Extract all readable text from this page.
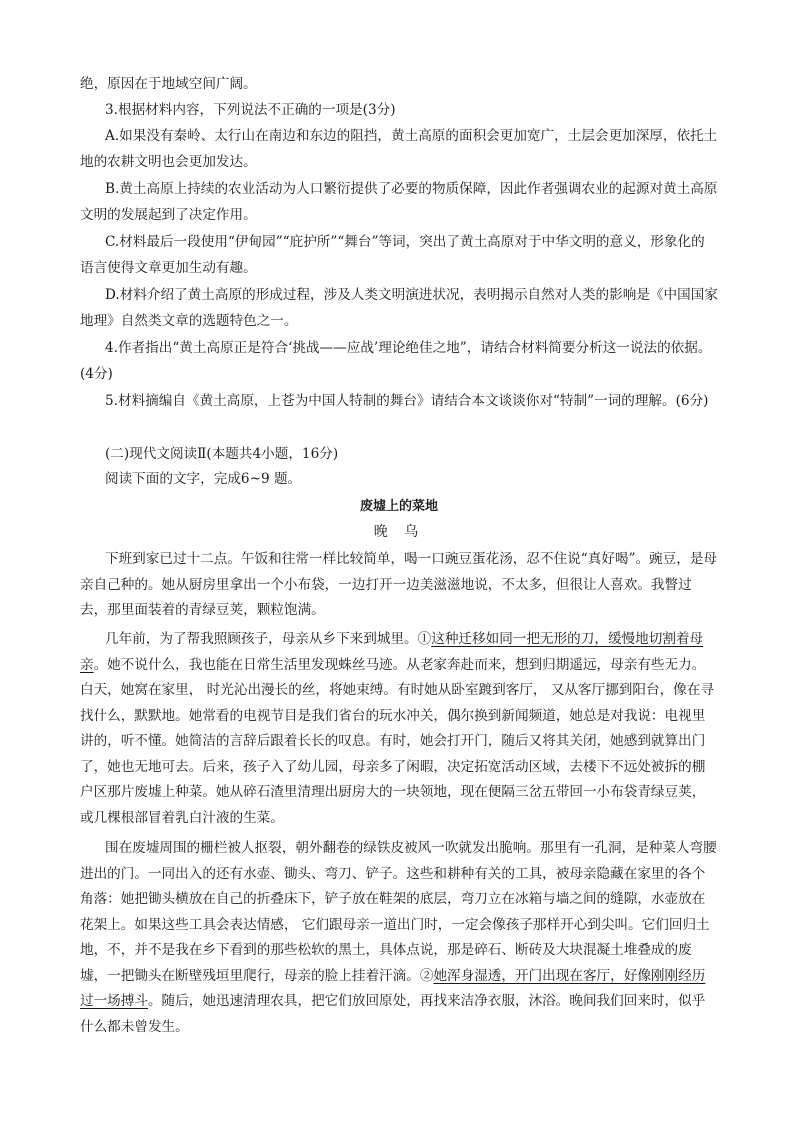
绝，原因在于地域空间广阔。

3.根据材料内容，下列说法不正确的一项是(3分)

A.如果没有秦岭、太行山在南边和东边的阻挡，黄土高原的面积会更加宽广，土层会更加深厚，依托土地的农耕文明也会更加发达。

B.黄土高原上持续的农业活动为人口繁衍提供了必要的物质保障，因此作者强调农业的起源对黄土高原文明的发展起到了决定作用。

C.材料最后一段使用“伊甸园”“庇护所”“舞台”等词，突出了黄土高原对于中华文明的意义，形象化的语言使得文章更加生动有趣。

D.材料介绍了黄土高原的形成过程，涉及人类文明演进状况，表明揭示自然对人类的影响是《中国国家地理》自然类文章的选题特色之一。

4.作者指出“黄土高原正是符合‘挑战——应战’理论绝佳之地”，请结合材料简要分析这一说法的依据。 (4分)

5.材料摘编自《黄土高原，上苍为中国人特制的舞台》请结合本文谈谈你对“特制”一词的理解。(6分)

(二)现代文阅读Ⅱ(本题共4小题，16分)

阅读下面的文字，完成6~9 题。

废墟上的菜地
晚 乌

下班到家已过十二点。午饭和往常一样比较简单，喝一口豌豆蛋花汤，忍不住说“真好喝”。豌豆，是母亲自己种的。她从厨房里拿出一个小布袋，一边打开一边美滋滋地说，不太多，但很让人喜欢。我瞥过去，那里面装着的青绿豆荚，颗粒饱满。

几年前，为了帮我照顾孩子，母亲从乡下来到城里。①这种迁移如同一把无形的刀，缓慢地切割着母亲。她不说什么，我也能在日常生活里发现蛛丝马迹。从老家奔赴而来，想到归期遥远，母亲有些无力。 白天，她窝在家里， 时光沁出漫长的丝，将她束缚。有时她从卧室踱到客厅， 又从客厅挪到阳台，像在寻找什么，默默地。她常看的电视节目是我们省台的玩水冲关，偶尔换到新闻频道，她总是对我说：电视里讲的，听不懂。她简洁的言辞后跟着长长的叹息。有时，她会打开门，随后又将其关闭，她感到就算出门了，她也无地可去。后来，孩子入了幼儿园，母亲多了闲暇，决定拓宽活动区域，去楼下不远处被拆的棚户区那片废墟上种菜。她从碎石渣里清理出厨房大的一块领地，现在便隔三岔五带回一小布袋青绿豆荚，或几棵根部冒着乳白汁液的生菜。

围在废墟周围的栅栏被人抠裂，朝外翻卷的绿铁皮被风一吹就发出脆响。那里有一孔洞，是种菜人弯腰进出的门。一同出入的还有水壶、锄头、弯刀、铲子。这些和耕种有关的工具，被母亲隐藏在家里的各个角落：她把锄头横放在自己的折叠床下，铲子放在鞋架的底层，弯刀立在冰箱与墙之间的缝隙，水壶放在花架上。如果这些工具会表达情感， 它们跟母亲一道出门时，一定会像孩子那样开心到尖叫。它们回归土地，不，并不是我在乡下看到的那些松软的黑土，具体点说，那是碎石、断砖及大块混凝土堆叠成的废墟，一把锄头在断壁残垣里爬行，母亲的脸上挂着汗滴。②她浑身湿透，开门出现在客厅，好像刚刚经历过一场搏斗。随后，她迅速清理农具，把它们放回原处，再找来洁净衣服，沐浴。晚间我们回来时，似乎什么都未曾发生。
